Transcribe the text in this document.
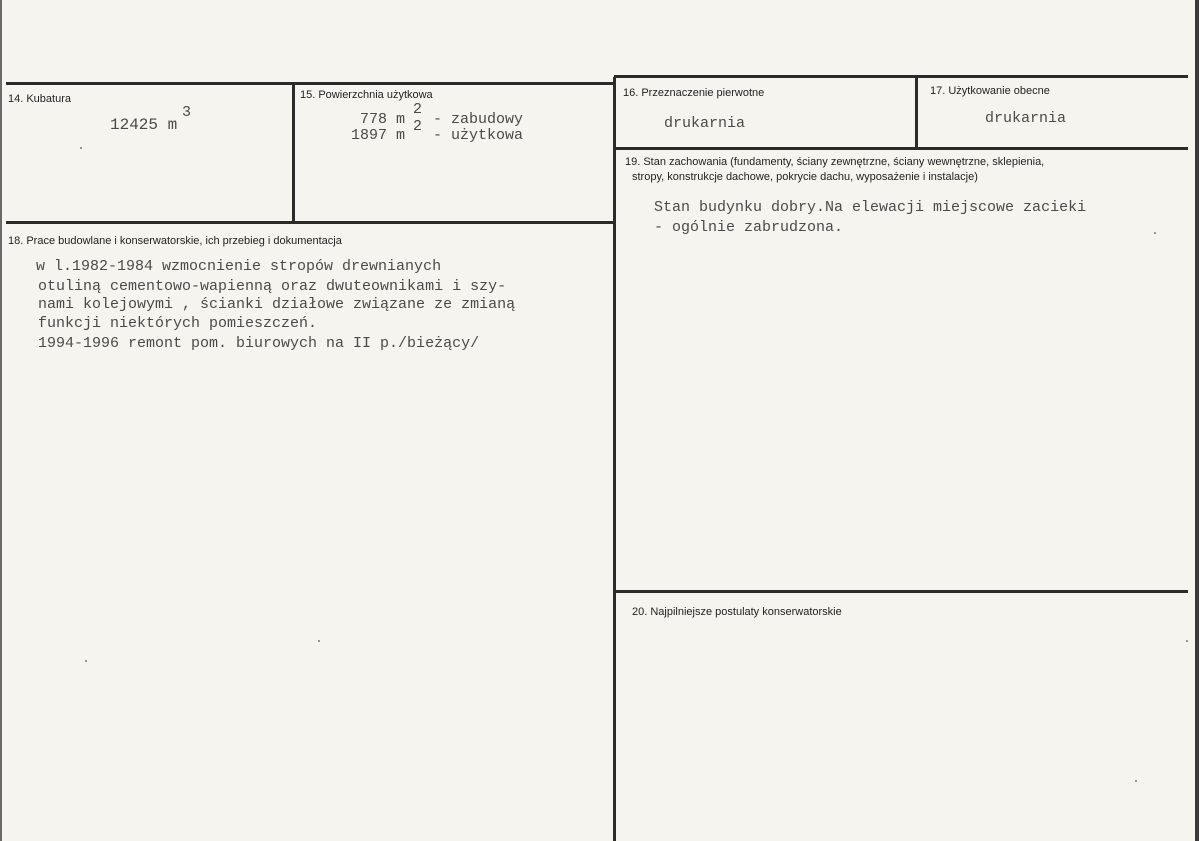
14. Kubatura
12425 m
3
15. Powierzchnia użytkowa
778 m
2
- zabudowy
1897 m
2
- użytkowa
16. Przeznaczenie pierwotne
drukarnia
17. Użytkowanie obecne
drukarnia
19. Stan zachowania (fundamenty, ściany zewnętrzne, ściany wewnętrzne, sklepienia,
stropy, konstrukcje dachowe, pokrycie dachu, wyposażenie i instalacje)
Stan budynku dobry.Na elewacji miejscowe zacieki
- ogólnie zabrudzona.
18. Prace budowlane i konserwatorskie, ich przebieg i dokumentacja
w l.1982-1984 wzmocnienie stropów drewnianych
otuliną cementowo-wapienną oraz dwuteownikami i szy-
nami kolejowymi , ścianki działowe związane ze zmianą
funkcji niektórych pomieszczeń.
1994-1996 remont pom. biurowych na II p./bieżący/
20. Najpilniejsze postulaty konserwatorskie
